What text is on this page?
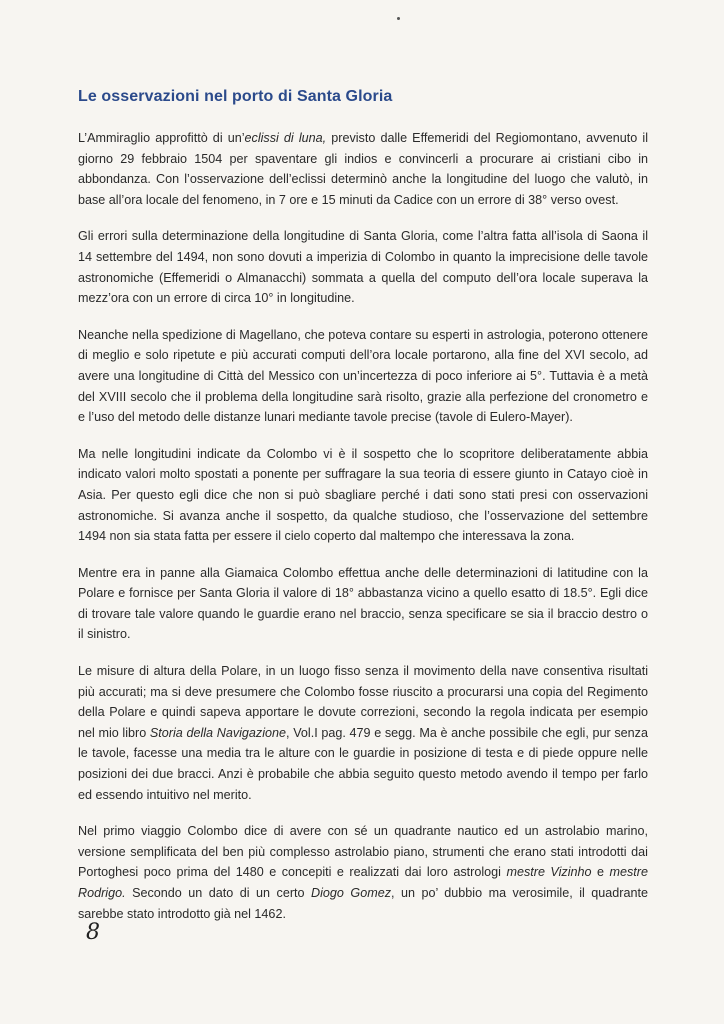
Le osservazioni nel porto di Santa Gloria

L’Ammiraglio approfittò di un’eclissi di luna, previsto dalle Effemeridi del Regiomontano, avvenuto il giorno 29 febbraio 1504 per spaventare gli indios e convincerli a procurare ai cristiani cibo in abbondanza. Con l’osservazione dell’eclissi determinò anche la longitudine del luogo che valutò, in base all’ora locale del fenomeno, in 7 ore e 15 minuti da Cadice con un errore di 38° verso ovest.

Gli errori sulla determinazione della longitudine di Santa Gloria, come l’altra fatta all’isola di Saona il 14 settembre del 1494, non sono dovuti a imperizia di Colombo in quanto la imprecisione delle tavole astronomiche (Effemeridi o Almanacchi) sommata a quella del computo dell’ora locale superava la mezz’ora con un errore di circa 10° in longitudine.

Neanche nella spedizione di Magellano, che poteva contare su esperti in astrologia, poterono ottenere di meglio e solo ripetute e più accurati computi dell’ora locale portarono, alla fine del XVI secolo, ad avere una longitudine di Città del Messico con un’incertezza di poco inferiore ai 5°. Tuttavia è a metà del XVIII secolo che il problema della longitudine sarà risolto, grazie alla perfezione del cronometro e e l’uso del metodo delle distanze lunari mediante tavole precise (tavole di Eulero-Mayer).

Ma nelle longitudini indicate da Colombo vi è il sospetto che lo scopritore deliberatamente abbia indicato valori molto spostati a ponente per suffragare la sua teoria di essere giunto in Catayo cioè in Asia. Per questo egli dice che non si può sbagliare perché i dati sono stati presi con osservazioni astronomiche. Si avanza anche il sospetto, da qualche studioso, che l’osservazione del settembre 1494 non sia stata fatta per essere il cielo coperto dal maltempo che interessava la zona.

Mentre era in panne alla Giamaica Colombo effettua anche delle determinazioni di latitudine con la Polare e fornisce per Santa Gloria il valore di 18° abbastanza vicino a quello esatto di 18.5°. Egli dice di trovare tale valore quando le guardie erano nel braccio, senza specificare se sia il braccio destro o il sinistro.

Le misure di altura della Polare, in un luogo fisso senza il movimento della nave consentiva risultati più accurati; ma si deve presumere che Colombo fosse riuscito a procurarsi una copia del Regimento della Polare e quindi sapeva apportare le dovute correzioni, secondo la regola indicata per esempio nel mio libro Storia della Navigazione, Vol.I pag. 479 e segg. Ma è anche possibile che egli, pur senza le tavole, facesse una media tra le alture con le guardie in posizione di testa e di piede oppure nelle posizioni dei due bracci. Anzi è probabile che abbia seguito questo metodo avendo il tempo per farlo ed essendo intuitivo nel merito.

Nel primo viaggio Colombo dice di avere con sé un quadrante nautico ed un astrolabio marino, versione semplificata del ben più complesso astrolabio piano, strumenti che erano stati introdotti dai Portoghesi poco prima del 1480 e concepiti e realizzati dai loro astrologi mestre Vizinho e mestre Rodrigo. Secondo un dato di un certo Diogo Gomez, un po’ dubbio ma verosimile, il quadrante sarebbe stato introdotto già nel 1462.

8
